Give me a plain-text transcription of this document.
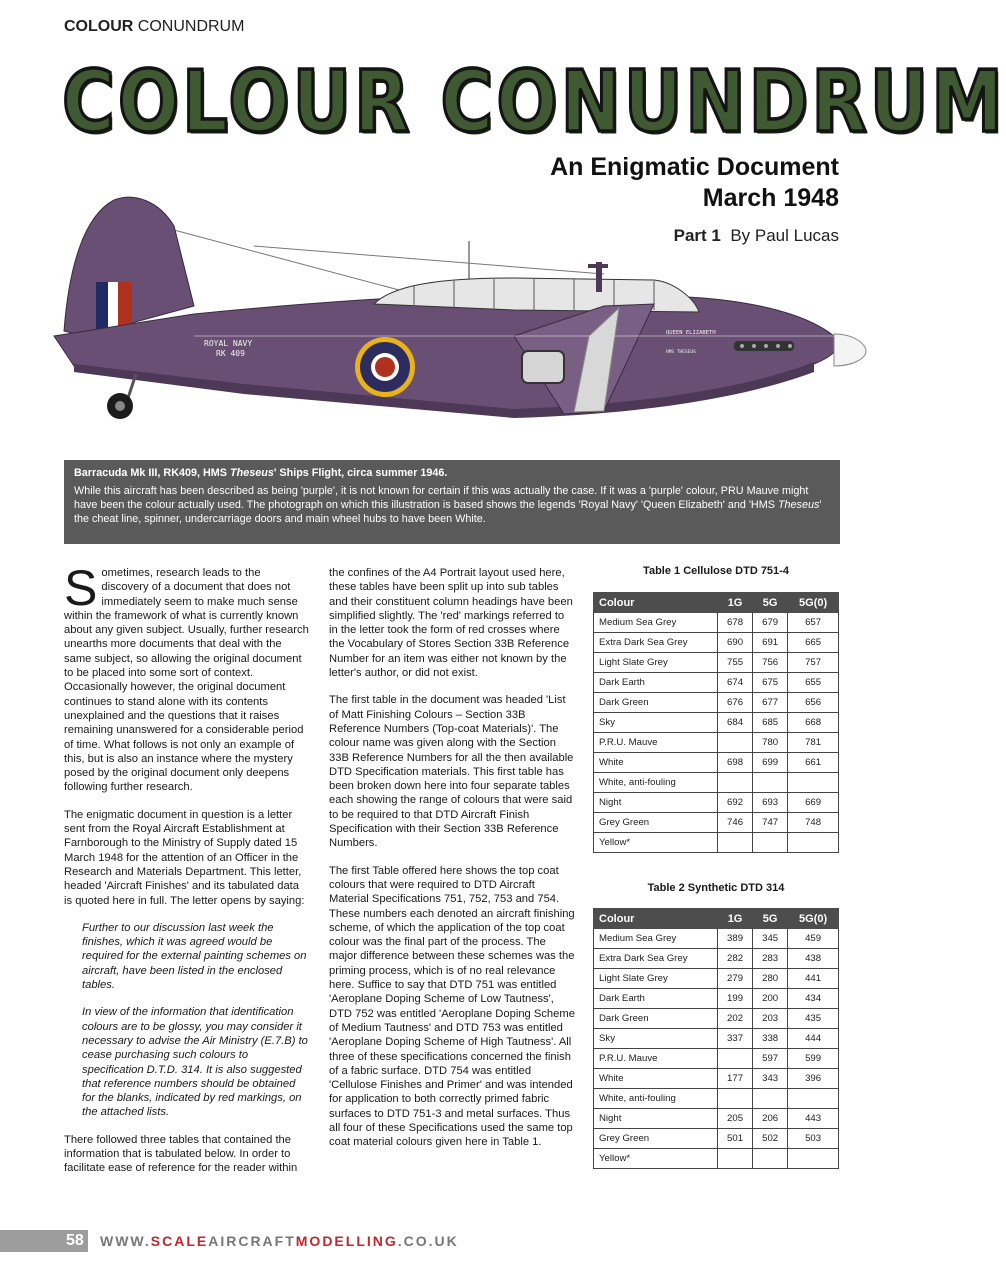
COLOUR CONUNDRUM
COLOUR CONUNDRUM
An Enigmatic Document
March 1948
Part 1 By Paul Lucas
ROYAL NAVY
RK 409
QUEEN ELIZABETH
HMS THESEUS
Barracuda Mk III, RK409, HMS Theseus' Ships Flight, circa summer 1946.
While this aircraft has been described as being 'purple', it is not known for certain if this was actually the case. If it was a 'purple' colour, PRU Mauve might have been the colour actually used. The photograph on which this illustration is based shows the legends 'Royal Navy' 'Queen Elizabeth' and 'HMS Theseus' the cheat line, spinner, undercarriage doors and main wheel hubs to have been White.

Sometimes, research leads to the discovery of a document that does not immediately seem to make much sense within the framework of what is currently known about any given subject. Usually, further research unearths more documents that deal with the same subject, so allowing the original document to be placed into some sort of context. Occasionally however, the original document continues to stand alone with its contents unexplained and the questions that it raises remaining unanswered for a considerable period of time. What follows is not only an example of this, but is also an instance where the mystery posed by the original document only deepens following further research.

The enigmatic document in question is a letter sent from the Royal Aircraft Establishment at Farnborough to the Ministry of Supply dated 15 March 1948 for the attention of an Officer in the Research and Materials Department. This letter, headed 'Aircraft Finishes' and its tabulated data is quoted here in full. The letter opens by saying:

Further to our discussion last week the finishes, which it was agreed would be required for the external painting schemes on aircraft, have been listed in the enclosed tables.

In view of the information that identification colours are to be glossy, you may consider it necessary to advise the Air Ministry (E.7.B) to cease purchasing such colours to specification D.T.D. 314. It is also suggested that reference numbers should be obtained for the blanks, indicated by red markings, on the attached lists.

There followed three tables that contained the information that is tabulated below. In order to facilitate ease of reference for the reader within

the confines of the A4 Portrait layout used here, these tables have been split up into sub tables and their constituent column headings have been simplified slightly. The 'red' markings referred to in the letter took the form of red crosses where the Vocabulary of Stores Section 33B Reference Number for an item was either not known by the letter's author, or did not exist.

The first table in the document was headed 'List of Matt Finishing Colours – Section 33B Reference Numbers (Top-coat Materials)'. The colour name was given along with the Section 33B Reference Numbers for all the then available DTD Specification materials. This first table has been broken down here into four separate tables each showing the range of colours that were said to be required to that DTD Aircraft Finish Specification with their Section 33B Reference Numbers.

The first Table offered here shows the top coat colours that were required to DTD Aircraft Material Specifications 751, 752, 753 and 754. These numbers each denoted an aircraft finishing scheme, of which the application of the top coat colour was the final part of the process. The major difference between these schemes was the priming process, which is of no real relevance here. Suffice to say that DTD 751 was entitled 'Aeroplane Doping Scheme of Low Tautness', DTD 752 was entitled 'Aeroplane Doping Scheme of Medium Tautness' and DTD 753 was entitled 'Aeroplane Doping Scheme of High Tautness'. All three of these specifications concerned the finish of a fabric surface. DTD 754 was entitled 'Cellulose Finishes and Primer' and was intended for application to both correctly primed fabric surfaces to DTD 751-3 and metal surfaces. Thus all four of these Specifications used the same top coat material colours given here in Table 1.

Table 1 Cellulose DTD 751-4
Colour	1G	5G	5G(0)
Medium Sea Grey	678	679	657
Extra Dark Sea Grey	690	691	665
Light Slate Grey	755	756	757
Dark Earth	674	675	655
Dark Green	676	677	656
Sky	684	685	668
P.R.U. Mauve		780	781
White	698	699	661
White, anti-fouling			
Night	692	693	669
Grey Green	746	747	748
Yellow*			
Table 2 Synthetic DTD 314
Colour	1G	5G	5G(0)
Medium Sea Grey	389	345	459
Extra Dark Sea Grey	282	283	438
Light Slate Grey	279	280	441
Dark Earth	199	200	434
Dark Green	202	203	435
Sky	337	338	444
P.R.U. Mauve		597	599
White	177	343	396
White, anti-fouling			
Night	205	206	443
Grey Green	501	502	503
Yellow*			
58 WWW.SCALEAIRCRAFTMODELLING.CO.UK
